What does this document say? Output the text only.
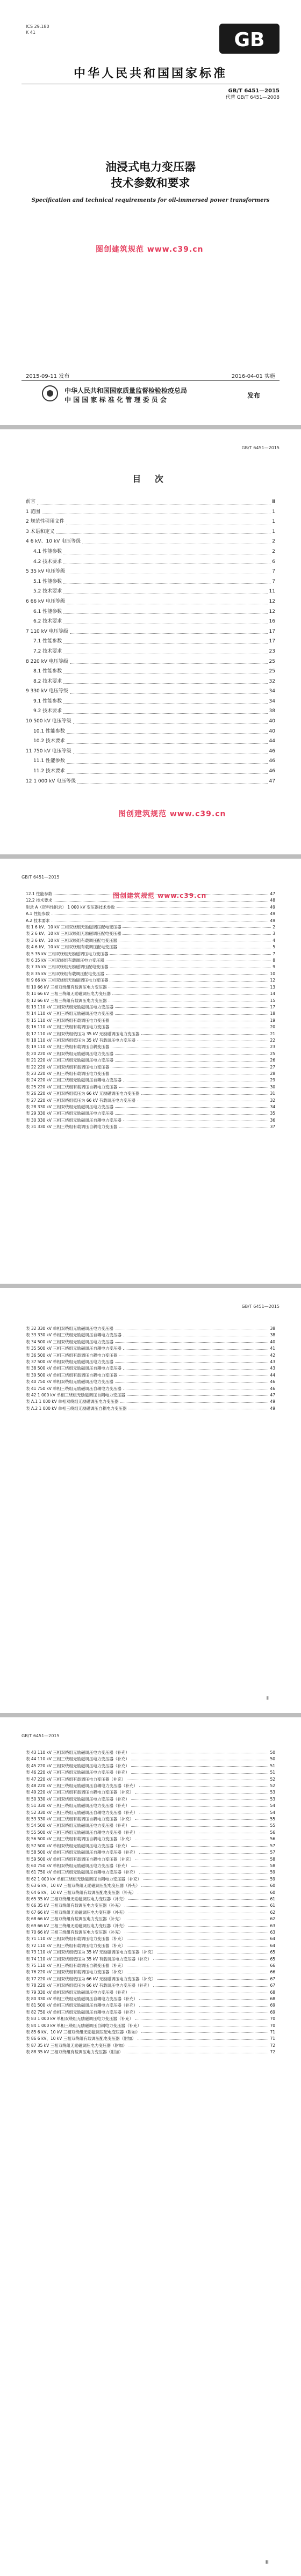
ICS 29.180
K 41	GB
中华人民共和国国家标准
GB/T 6451—2015
代替 GB/T 6451—2008
油浸式电力变压器
技术参数和要求
Specification and technical requirements for oil-immersed power transformers
图创建筑规范 www.c39.cn
2015-09-11 发布	2016-04-01 实施
中华人民共和国国家质量监督检验检疫总局
中 国 国 家 标 准 化 管 理 委 员 会
发布
GB/T 6451—2015
目 次
前言	Ⅲ
1 范围	1
2 规范性引用文件	1
3 术语和定义	1
4 6 kV、10 kV 电压等级	2
4.1 性能参数	2
4.2 技术要求	6
5 35 kV 电压等级	7
5.1 性能参数	7
5.2 技术要求	11
6 66 kV 电压等级	12
6.1 性能参数	12
6.2 技术要求	16
7 110 kV 电压等级	17
7.1 性能参数	17
7.2 技术要求	23
8 220 kV 电压等级	25
8.1 性能参数	25
8.2 技术要求	32
9 330 kV 电压等级	34
9.1 性能参数	34
9.2 技术要求	38
10 500 kV 电压等级	40
10.1 性能参数	40
10.2 技术要求	44
11 750 kV 电压等级	46
11.1 性能参数	46
11.2 技术要求	46
12 1 000 kV 电压等级	47
图创建筑规范 www.c39.cn
GB/T 6451—2015
12.1 性能参数	47
12.2 技术要求	48
附录 A（资料性附录） 1 000 kV 变压器技术参数	49
A.1 性能参数	49
A.2 技术要求	49
表 1 6 kV、10 kV 三相双绕组无励磁调压配电变压器	2
表 2 6 kV、10 kV 三相双绕组无励磁调压配电变压器	3
表 3 6 kV、10 kV 三相双绕组有载调压配电变压器	4
表 4 6 kV、10 kV 三相双绕组有载调压配电变压器	5
表 5 35 kV 三相双绕组无励磁调压电力变压器	7
表 6 35 kV 三相双绕组有载调压电力变压器	8
表 7 35 kV 三相双绕组无励磁调压配电变压器	9
表 8 35 kV 三相双绕组有载调压配电变压器	10
表 9 66 kV 三相双绕组无励磁调压电力变压器	12
表 10 66 kV 三相双绕组有载调压电力变压器	13
表 11 66 kV 三相三绕组无励磁调压电力变压器	14
表 12 66 kV 三相三绕组有载调压电力变压器	15
表 13 110 kV 三相双绕组无励磁调压电力变压器	17
表 14 110 kV 三相三绕组无励磁调压电力变压器	18
表 15 110 kV 三相双绕组有载调压电力变压器	19
表 16 110 kV 三相三绕组有载调压电力变压器	20
表 17 110 kV 三相双绕组低压为 35 kV 无励磁调压电力变压器	21
表 18 110 kV 三相双绕组低压为 35 kV 有载调压电力变压器	22
表 19 110 kV 三相三绕组有载调压自耦变压器	23
表 20 220 kV 三相双绕组无励磁调压电力变压器	25
表 21 220 kV 三相三绕组无励磁调压电力变压器	26
表 22 220 kV 三相双绕组有载调压电力变压器	27
表 23 220 kV 三相三绕组有载调压电力变压器	28
表 24 220 kV 三相三绕组无励磁调压自耦电力变压器	29
表 25 220 kV 三相三绕组有载调压自耦电力变压器	30
表 26 220 kV 三相双绕组低压为 66 kV 无励磁调压电力变压器	31
表 27 220 kV 三相双绕组低压为 66 kV 有载调压电力变压器	32
表 28 330 kV 三相双绕组无励磁调压电力变压器	34
表 29 330 kV 三相三绕组无励磁调压电力变压器	35
表 30 330 kV 三相三绕组无励磁调压自耦电力变压器	36
表 31 330 kV 三相三绕组有载调压自耦电力变压器	37
图创建筑规范 www.c39.cn
GB/T 6451—2015
表 32 330 kV 单相双绕组无励磁调压电力变压器	38
表 33 330 kV 单相三绕组无励磁调压自耦电力变压器	38
表 34 500 kV 三相双绕组无励磁调压电力变压器	40
表 35 500 kV 三相三绕组无励磁调压自耦电力变压器	41
表 36 500 kV 三相三绕组有载调压自耦电力变压器	42
表 37 500 kV 单相双绕组无励磁调压电力变压器	43
表 38 500 kV 单相三绕组无励磁调压自耦电力变压器	43
表 39 500 kV 单相三绕组有载调压自耦电力变压器	44
表 40 750 kV 单相双绕组无励磁调压电力变压器	46
表 41 750 kV 单相三绕组无励磁调压自耦电力变压器	46
表 42 1 000 kV 单相三绕组无励磁调压自耦电力变压器	47
表 A.1 1 000 kV 单相双绕组无励磁调压电力变压器	49
表 A.2 1 000 kV 单相三绕组无励磁调压自耦电力变压器	49
Ⅱ
GB/T 6451—2015
表 43 110 kV 三相双绕组无励磁调压电力变压器（补充）	50
表 44 110 kV 三相三绕组无励磁调压电力变压器（补充）	50
表 45 220 kV 三相双绕组无励磁调压电力变压器（补充）	51
表 46 220 kV 三相三绕组无励磁调压电力变压器（补充）	51
表 47 220 kV 三相三绕组有载调压电力变压器（补充）	52
表 48 220 kV 三相三绕组无励磁调压自耦电力变压器（补充）	52
表 49 220 kV 三相三绕组有载调压自耦电力变压器（补充）	53
表 50 330 kV 三相双绕组无励磁调压电力变压器（补充）	53
表 51 330 kV 三相三绕组无励磁调压电力变压器（补充）	54
表 52 330 kV 三相三绕组无励磁调压自耦电力变压器（补充）	54
表 53 330 kV 三相三绕组有载调压自耦电力变压器（补充）	55
表 54 500 kV 三相双绕组无励磁调压电力变压器（补充）	55
表 55 500 kV 三相三绕组无励磁调压自耦电力变压器（补充）	56
表 56 500 kV 三相三绕组有载调压自耦电力变压器（补充）	56
表 57 500 kV 单相双绕组无励磁调压电力变压器（补充）	57
表 58 500 kV 单相三绕组无励磁调压自耦电力变压器（补充）	57
表 59 500 kV 单相三绕组有载调压自耦电力变压器（补充）	58
表 60 750 kV 单相双绕组无励磁调压电力变压器（补充）	58
表 61 750 kV 单相三绕组无励磁调压自耦电力变压器（补充）	59
表 62 1 000 kV 单相三绕组无励磁调压自耦电力变压器（补充）	59
表 63 6 kV、10 kV 三相双绕组无励磁调压配电变压器（补充）	60
表 64 6 kV、10 kV 三相双绕组有载调压配电变压器（补充）	60
表 65 35 kV 三相双绕组无励磁调压电力变压器（补充）	61
表 66 35 kV 三相双绕组有载调压电力变压器（补充）	61
表 67 66 kV 三相双绕组无励磁调压电力变压器（补充）	62
表 68 66 kV 三相双绕组有载调压电力变压器（补充）	62
表 69 66 kV 三相三绕组无励磁调压电力变压器（补充）	63
表 70 66 kV 三相三绕组有载调压电力变压器（补充）	63
表 71 110 kV 三相双绕组有载调压电力变压器（补充）	64
表 72 110 kV 三相三绕组有载调压电力变压器（补充）	64
表 73 110 kV 三相双绕组低压为 35 kV 无励磁调压电力变压器（补充）	65
表 74 110 kV 三相双绕组低压为 35 kV 有载调压电力变压器（补充）	65
表 75 110 kV 三相三绕组有载调压自耦变压器（补充）	66
表 76 220 kV 三相双绕组有载调压电力变压器（补充）	66
表 77 220 kV 三相双绕组低压为 66 kV 无励磁调压电力变压器（补充）	67
表 78 220 kV 三相双绕组低压为 66 kV 有载调压电力变压器（补充）	67
表 79 330 kV 单相双绕组无励磁调压电力变压器（补充）	68
表 80 330 kV 单相三绕组无励磁调压自耦电力变压器（补充）	68
表 81 500 kV 单相三绕组无励磁调压自耦电力变压器（补充）	69
表 82 750 kV 单相三绕组无励磁调压自耦电力变压器（补充）	69
表 83 1 000 kV 单相双绕组无励磁调压电力变压器（补充）	70
表 84 1 000 kV 单相三绕组无励磁调压自耦电力变压器（补充）	70
表 85 6 kV、10 kV 三相双绕组无励磁调压配电变压器（附加）	71
表 86 6 kV、10 kV 三相双绕组有载调压配电变压器（附加）	71
表 87 35 kV 三相双绕组无励磁调压电力变压器（附加）	72
表 88 35 kV 三相双绕组有载调压电力变压器（附加）	72
Ⅲ
